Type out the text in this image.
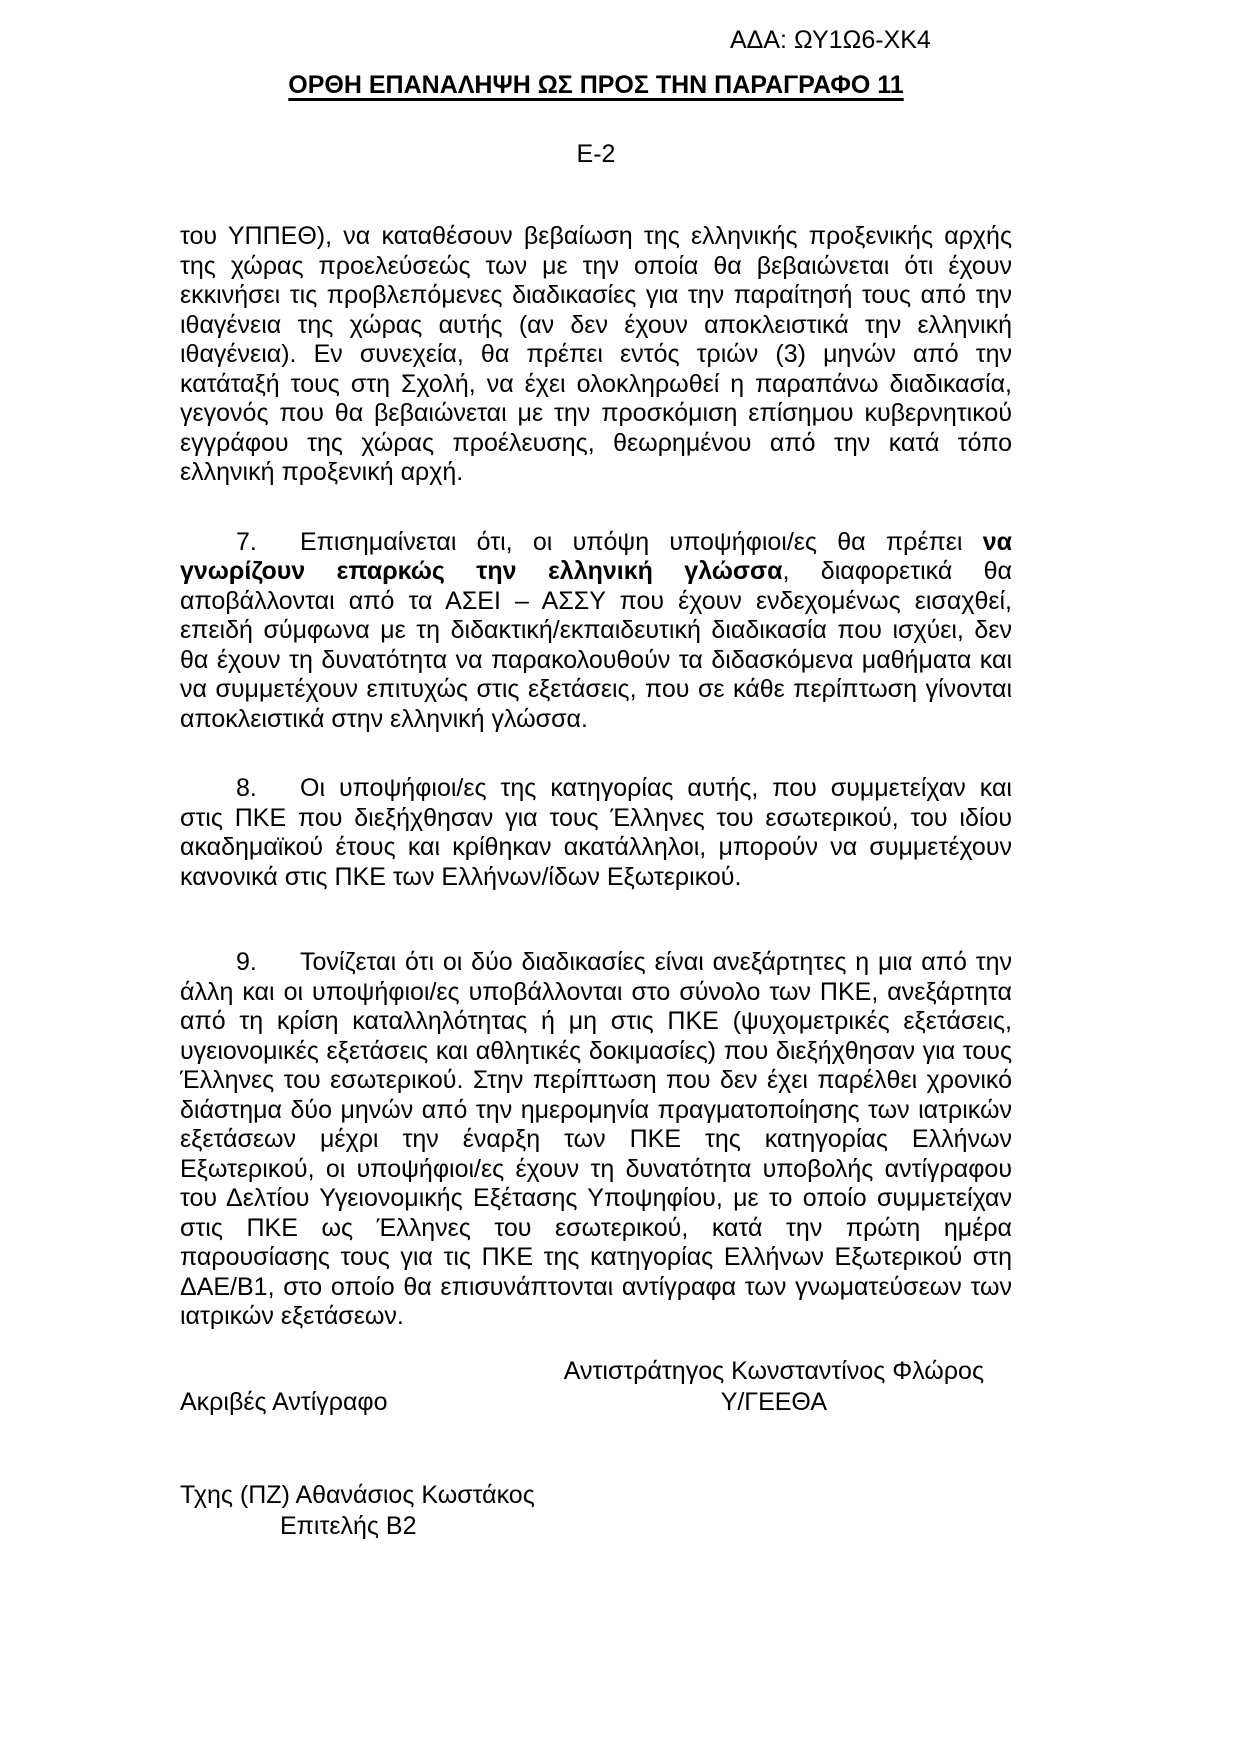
ΑΔΑ: ΩΥ1Ω6-ΧΚ4
ΟΡΘΗ ΕΠΑΝΑΛΗΨΗ ΩΣ ΠΡΟΣ ΤΗΝ ΠΑΡΑΓΡΑΦΟ 11
Ε-2

του ΥΠΠΕΘ), να καταθέσουν βεβαίωση της ελληνικής προξενικής αρχής της χώρας προελεύσεώς των με την οποία θα βεβαιώνεται ότι έχουν εκκινήσει τις προβλεπόμενες διαδικασίες για την παραίτησή τους από την ιθαγένεια της χώρας αυτής (αν δεν έχουν αποκλειστικά την ελληνική ιθαγένεια). Εν συνεχεία, θα πρέπει εντός τριών (3) μηνών από την κατάταξή τους στη Σχολή, να έχει ολοκληρωθεί η παραπάνω διαδικασία, γεγονός που θα βεβαιώνεται με την προσκόμιση επίσημου κυβερνητικού εγγράφου της χώρας προέλευσης, θεωρημένου από την κατά τόπο ελληνική προξενική αρχή.

7. Επισημαίνεται ότι, οι υπόψη υποψήφιοι/ες θα πρέπει να γνωρίζουν επαρκώς την ελληνική γλώσσα, διαφορετικά θα αποβάλλονται από τα ΑΣΕΙ – ΑΣΣΥ που έχουν ενδεχομένως εισαχθεί, επειδή σύμφωνα με τη διδακτική/εκπαιδευτική διαδικασία που ισχύει, δεν θα έχουν τη δυνατότητα να παρακολουθούν τα διδασκόμενα μαθήματα και να συμμετέχουν επιτυχώς στις εξετάσεις, που σε κάθε περίπτωση γίνονται αποκλειστικά στην ελληνική γλώσσα.

8. Οι υποψήφιοι/ες της κατηγορίας αυτής, που συμμετείχαν και στις ΠΚΕ που διεξήχθησαν για τους Έλληνες του εσωτερικού, του ιδίου ακαδημαϊκού έτους και κρίθηκαν ακατάλληλοι, μπορούν να συμμετέχουν κανονικά στις ΠΚΕ των Ελλήνων/ίδων Εξωτερικού.

9. Τονίζεται ότι οι δύο διαδικασίες είναι ανεξάρτητες η μια από την άλλη και οι υποψήφιοι/ες υποβάλλονται στο σύνολο των ΠΚΕ, ανεξάρτητα από τη κρίση καταλληλότητας ή μη στις ΠΚΕ (ψυχομετρικές εξετάσεις, υγειονομικές εξετάσεις και αθλητικές δοκιμασίες) που διεξήχθησαν για τους Έλληνες του εσωτερικού. Στην περίπτωση που δεν έχει παρέλθει χρονικό διάστημα δύο μηνών από την ημερομηνία πραγματοποίησης των ιατρικών εξετάσεων μέχρι την έναρξη των ΠΚΕ της κατηγορίας Ελλήνων Εξωτερικού, οι υποψήφιοι/ες έχουν τη δυνατότητα υποβολής αντίγραφου του Δελτίου Υγειονομικής Εξέτασης Υποψηφίου, με το οποίο συμμετείχαν στις ΠΚΕ ως Έλληνες του εσωτερικού, κατά την πρώτη ημέρα παρουσίασης τους για τις ΠΚΕ της κατηγορίας Ελλήνων Εξωτερικού στη ΔΑΕ/Β1, στο οποίο θα επισυνάπτονται αντίγραφα των γνωματεύσεων των ιατρικών εξετάσεων.

Ακριβές Αντίγραφο
Αντιστράτηγος Κωνσταντίνος Φλώρος
Υ/ΓΕΕΘΑ
Τχης (ΠΖ) Αθανάσιος Κωστάκος
Επιτελής Β2
